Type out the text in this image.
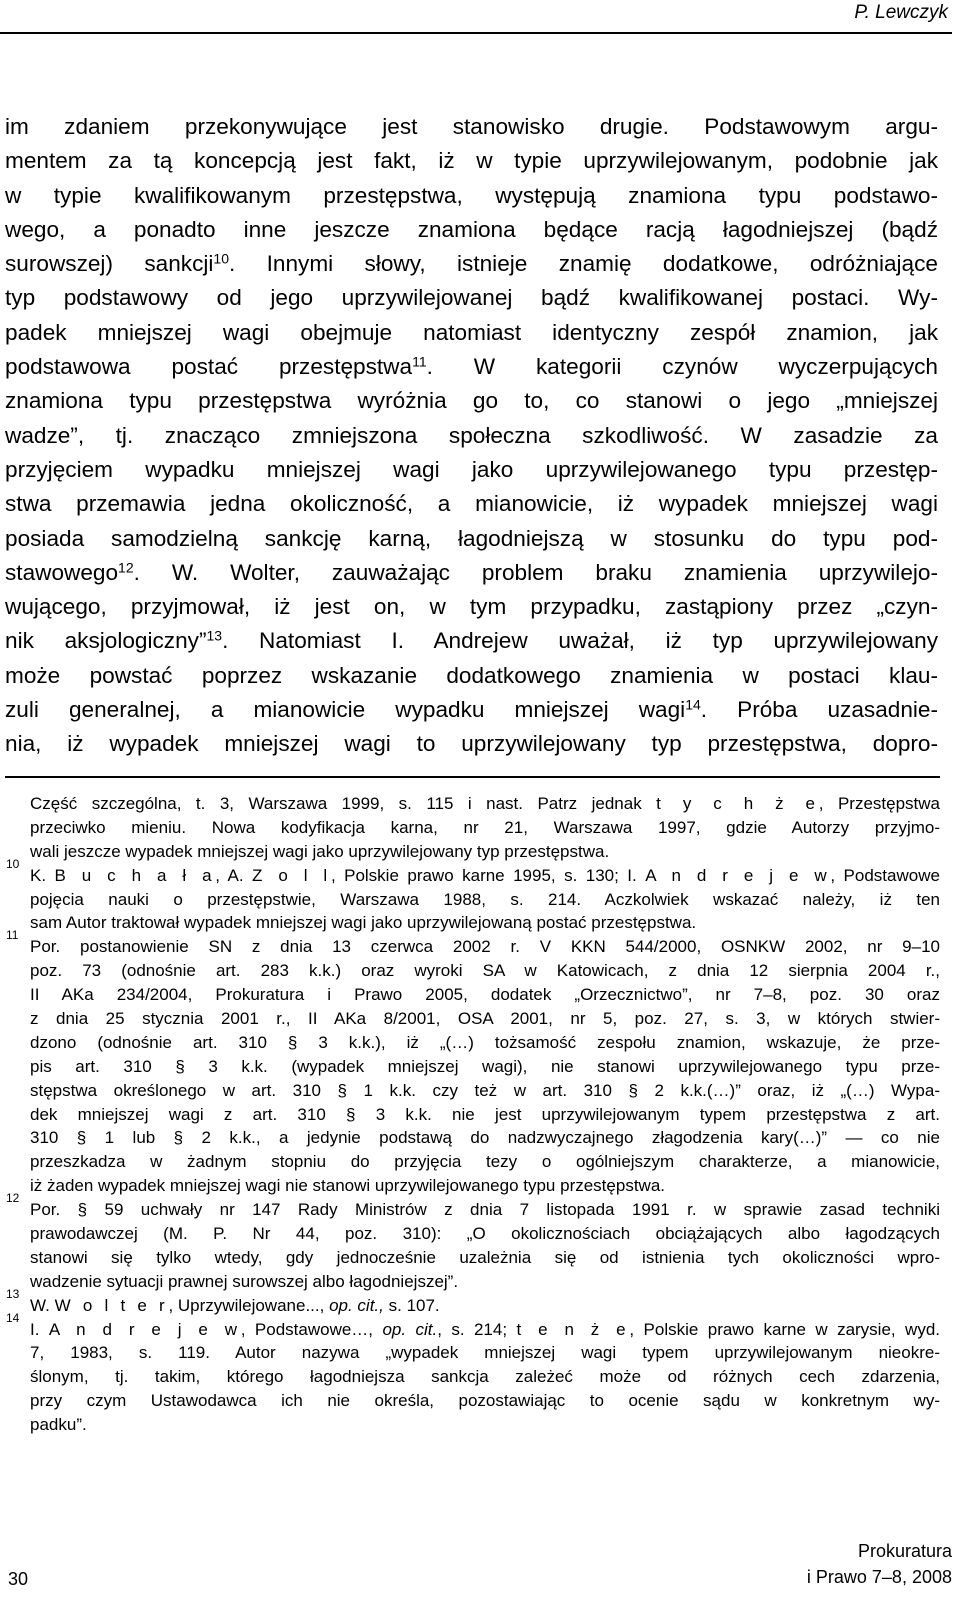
P. Lewczyk
im zdaniem przekonywujące jest stanowisko drugie. Podstawowym argu-
mentem za tą koncepcją jest fakt, iż w typie uprzywilejowanym, podobnie jak
w typie kwalifikowanym przestępstwa, występują znamiona typu podstawo-
wego, a ponadto inne jeszcze znamiona będące racją łagodniejszej (bądź
surowszej) sankcji$^{10}$. Innymi słowy, istnieje znamię dodatkowe, odróżniające
typ podstawowy od jego uprzywilejowanej bądź kwalifikowanej postaci. Wy-
padek mniejszej wagi obejmuje natomiast identyczny zespół znamion, jak
podstawowa postać przestępstwa$^{11}$. W kategorii czynów wyczerpujących
znamiona typu przestępstwa wyróżnia go to, co stanowi o jego „mniejszej
wadze”, tj. znacząco zmniejszona społeczna szkodliwość. W zasadzie za
przyjęciem wypadku mniejszej wagi jako uprzywilejowanego typu przestęp-
stwa przemawia jedna okoliczność, a mianowicie, iż wypadek mniejszej wagi
posiada samodzielną sankcję karną, łagodniejszą w stosunku do typu pod-
stawowego$^{12}$. W. Wolter, zauważając problem braku znamienia uprzywilejo-
wującego, przyjmował, iż jest on, w tym przypadku, zastąpiony przez „czyn-
nik aksjologiczny”$^{13}$. Natomiast I. Andrejew uważał, iż typ uprzywilejowany
może powstać poprzez wskazanie dodatkowego znamienia w postaci klau-
zuli generalnej, a mianowicie wypadku mniejszej wagi$^{14}$. Próba uzasadnie-
nia, iż wypadek mniejszej wagi to uprzywilejowany typ przestępstwa, dopro-
Część szczególna, t. 3, Warszawa 1999, s. 115 i nast. Patrz jednak t y c h ż e, Przestępstwa
przeciwko mieniu. Nowa kodyfikacja karna, nr 21, Warszawa 1997, gdzie Autorzy przyjmo-
wali jeszcze wypadek mniejszej wagi jako uprzywilejowany typ przestępstwa.
10
K. B u c h a ł a, A. Z o l l, Polskie prawo karne 1995, s. 130; I. A n d r e j e w, Podstawowe
pojęcia nauki o przestępstwie, Warszawa 1988, s. 214. Aczkolwiek wskazać należy, iż ten
sam Autor traktował wypadek mniejszej wagi jako uprzywilejowaną postać przestępstwa.
11
Por. postanowienie SN z dnia 13 czerwca 2002 r. V KKN 544/2000, OSNKW 2002, nr 9–10
poz. 73 (odnośnie art. 283 k.k.) oraz wyroki SA w Katowicach, z dnia 12 sierpnia 2004 r.,
II AKa 234/2004, Prokuratura i Prawo 2005, dodatek „Orzecznictwo”, nr 7–8, poz. 30 oraz
z dnia 25 stycznia 2001 r., II AKa 8/2001, OSA 2001, nr 5, poz. 27, s. 3, w których stwier-
dzono (odnośnie art. 310 § 3 k.k.), iż „(…) tożsamość zespołu znamion, wskazuje, że prze-
pis art. 310 § 3 k.k. (wypadek mniejszej wagi), nie stanowi uprzywilejowanego typu prze-
stępstwa określonego w art. 310 § 1 k.k. czy też w art. 310 § 2 k.k.(…)” oraz, iż „(…) Wypa-
dek mniejszej wagi z art. 310 § 3 k.k. nie jest uprzywilejowanym typem przestępstwa z art.
310 § 1 lub § 2 k.k., a jedynie podstawą do nadzwyczajnego złagodzenia kary(…)” — co nie
przeszkadza w żadnym stopniu do przyjęcia tezy o ogólniejszym charakterze, a mianowicie,
iż żaden wypadek mniejszej wagi nie stanowi uprzywilejowanego typu przestępstwa.
12
Por. § 59 uchwały nr 147 Rady Ministrów z dnia 7 listopada 1991 r. w sprawie zasad techniki
prawodawczej (M. P. Nr 44, poz. 310): „O okolicznościach obciążających albo łagodzących
stanowi się tylko wtedy, gdy jednocześnie uzależnia się od istnienia tych okoliczności wpro-
wadzenie sytuacji prawnej surowszej albo łagodniejszej”.
13
W. W o l t e r, Uprzywilejowane..., op. cit., s. 107.
14
I. A n d r e j e w, Podstawowe…, op. cit., s. 214; t e n ż e, Polskie prawo karne w zarysie, wyd.
7, 1983, s. 119. Autor nazywa „wypadek mniejszej wagi typem uprzywilejowanym nieokre-
ślonym, tj. takim, którego łagodniejsza sankcja zależeć może od różnych cech zdarzenia,
przy czym Ustawodawca ich nie określa, pozostawiając to ocenie sądu w konkretnym wy-
padku”.
30
Prokuratura
i Prawo 7–8, 2008
